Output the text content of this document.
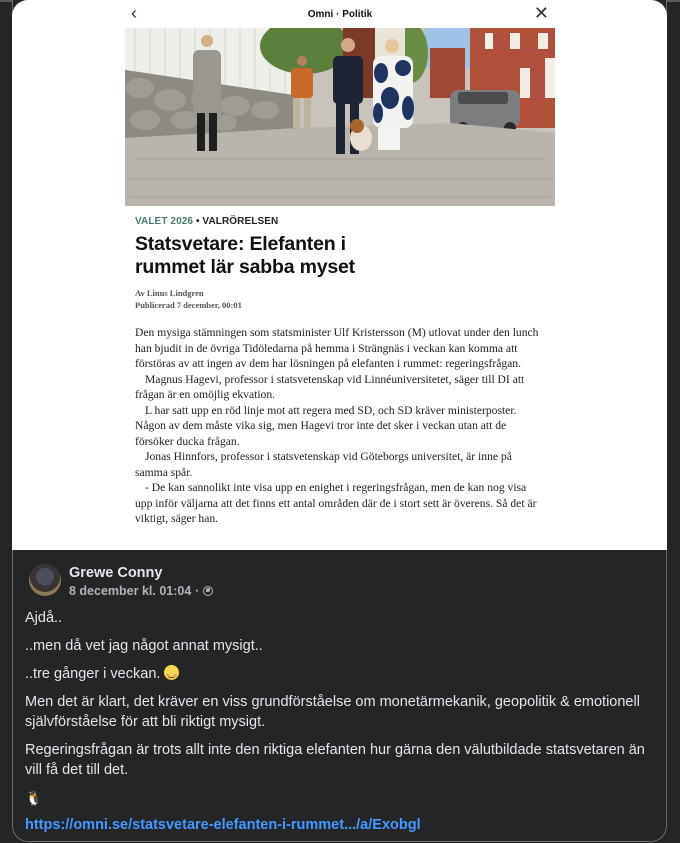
‹	Omni · Politik	✕
VALET 2026 • VALRÖRELSEN
Statsvetare: Elefanten i
rummet lär sabba myset
Av Linus Lindgren
Publicerad 7 december, 00:01

Den mysiga stämningen som statsminister Ulf Kristersson (M) utlovat under den lunch han bjudit in de övriga Tidöledarna på hemma i Strängnäs i veckan kan komma att förstöras av att ingen av dem har lösningen på elefanten i rummet: regeringsfrågan.

Magnus Hagevi, professor i statsvetenskap vid Linnéuniversitetet, säger till DI att frågan är en omöjlig ekvation.

L har satt upp en röd linje mot att regera med SD, och SD kräver ministerposter. Någon av dem måste vika sig, men Hagevi tror inte det sker i veckan utan att de försöker ducka frågan.

Jonas Hinnfors, professor i statsvetenskap vid Göteborgs universitet, är inne på samma spår.

- De kan sannolikt inte visa upp en enighet i regeringsfrågan, men de kan nog visa upp inför väljarna att det finns ett antal områden där de i stort sett är överens. Så det är viktigt, säger han.

Grewe Conny
8 december kl. 01:04 ·

Ajdå..

..men då vet jag något annat mysigt..

..tre gånger i veckan.

Men det är klart, det kräver en viss grundförståelse om monetärmekanik, geopolitik & emotionell självförståelse för att bli riktigt mysigt.

Regeringsfrågan är trots allt inte den riktiga elefanten hur gärna den välutbildade statsvetaren än vill få det till det.

🐧

https://omni.se/statsvetare-elefanten-i-rummet.../a/Exobgl
